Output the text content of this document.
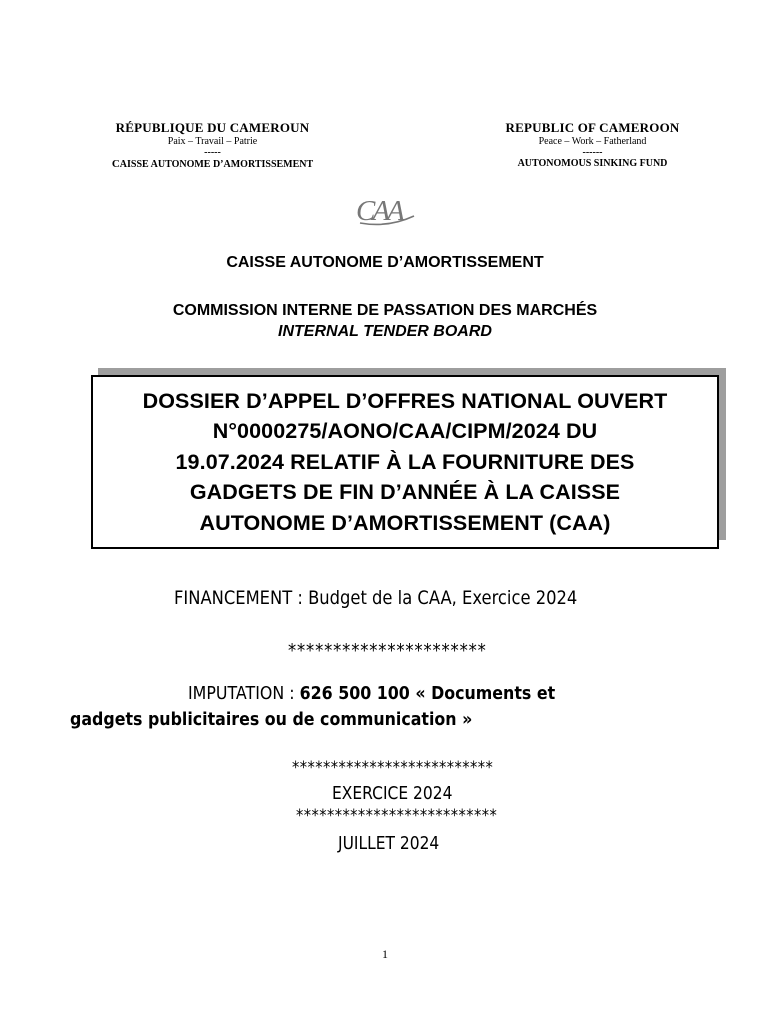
RÉPUBLIQUE DU CAMEROUN
Paix – Travail – Patrie
-----
CAISSE AUTONOME D’AMORTISSEMENT
REPUBLIC OF CAMEROON
Peace – Work – Fatherland
------
AUTONOMOUS SINKING FUND
CAA
CAISSE AUTONOME D’AMORTISSEMENT
COMMISSION INTERNE DE PASSATION DES MARCHÉS
INTERNAL TENDER BOARD

DOSSIER D’APPEL D’OFFRES NATIONAL OUVERT
N°0000275/AONO/CAA/CIPM/2024 DU
19.07.2024 RELATIF À LA FOURNITURE DES
GADGETS DE FIN D’ANNÉE À LA CAISSE
AUTONOME D’AMORTISSEMENT (CAA)

FINANCEMENT : Budget de la CAA, Exercice 2024
**********************
IMPUTATION : 626 500 100 « Documents et
gadgets publicitaires ou de communication »
**************************
EXERCICE 2024
**************************
JUILLET 2024
1
